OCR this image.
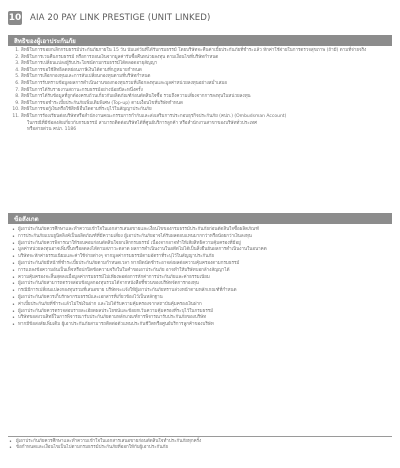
10 AIA 20 PAY LINK PRESTIGE (UNIT LINKED)
สิทธิของผู้เอาประกันภัย
1. สิทธิในการขอยกเลิกกรมธรรม์ประกันภัยภายใน 15 วัน นับแต่วันที่ได้รับกรมธรรม์ โดยบริษัทจะคืนค่าเบี้ยประกันภัยที่ชำระแล้ว หักค่าใช้จ่ายในการตรวจสุขภาพ (ถ้ามี) ตามที่จ่ายจริง
2. สิทธิในการเวนคืนกรมธรรม์ หรือการถอนเงินจากมูลค่ารับซื้อคืนหน่วยลงทุน ตามเงื่อนไขที่บริษัทกำหนด
3. สิทธิในการเปลี่ยนแปลงผู้รับประโยชน์ตามกรมธรรม์ได้ตลอดอายุสัญญา
4. สิทธิในการขอใช้สิทธิลดหย่อนภาษีเงินได้ตามที่กฎหมายกำหนด
5. สิทธิในการเลือกกองทุนและการสับเปลี่ยนกองทุนตามที่บริษัทกำหนด
6. สิทธิในการรับทราบข้อมูลผลการดำเนินงานของกองทุนรวมที่เลือกลงทุนและมูลค่าหน่วยลงทุนอย่างสม่ำเสมอ
7. สิทธิในการได้รับรายงานสถานะกรมธรรม์อย่างน้อยปีละหนึ่งครั้ง
8. สิทธิในการได้รับข้อมูลที่ถูกต้องครบถ้วนเกี่ยวกับผลิตภัณฑ์ก่อนตัดสินใจซื้อ รวมถึงความเสี่ยงจากการลงทุนในหน่วยลงทุน
9. สิทธิในการขอชำระเบี้ยประกันภัยเพิ่มเติมพิเศษ (Top-up) ตามเงื่อนไขที่บริษัทกำหนด
10. สิทธิในการขอกู้เงินหรือใช้สิทธิอื่นใดตามที่ระบุไว้ในสัญญาประกันภัย
11. สิทธิในการร้องเรียนต่อบริษัทหรือสำนักงานคณะกรรมการกำกับและส่งเสริมการประกอบธุรกิจประกันภัย (คปภ.) (Ombudsman Account)
ในกรณีที่มีข้อสงสัยเกี่ยวกับกรมธรรม์ สามารถติดต่อบริษัทได้ที่ศูนย์บริการลูกค้า หรือสำนักงานสาขาของบริษัททั่วประเทศ
หรือสายด่วน คปภ. 1186
ข้อสังเกต
• ผู้เอาประกันภัยควรศึกษาและทำความเข้าใจในเอกสารเสนอขายและเงื่อนไขของกรมธรรม์ประกันภัยก่อนตัดสินใจซื้อผลิตภัณฑ์
• การประกันภัยแบบยูนิตลิงค์เป็นผลิตภัณฑ์ที่มีความเสี่ยง ผู้เอาประกันภัยอาจได้รับผลตอบแทนมากกว่าหรือน้อยกว่าเงินลงทุน
• ผู้เอาประกันภัยควรพิจารณาให้รอบคอบก่อนตัดสินใจยกเลิกกรมธรรม์ เนื่องจากอาจทำให้เสียสิทธิความคุ้มครองที่มีอยู่
• มูลค่าหน่วยลงทุนอาจเพิ่มขึ้นหรือลดลงได้ตามสภาวะตลาด ผลการดำเนินงานในอดีตไม่ได้เป็นสิ่งยืนยันผลการดำเนินงานในอนาคต
• บริษัทจะหักค่าธรรมเนียมและค่าใช้จ่ายต่างๆ จากมูลค่ากรมธรรม์ตามอัตราที่ระบุไว้ในสัญญาประกันภัย
• ผู้เอาประกันภัยมีหน้าที่ชำระเบี้ยประกันภัยตามกำหนดเวลา หากผิดนัดชำระอาจส่งผลต่อความคุ้มครองตามกรมธรรม์
• การแถลงข้อความอันเป็นเท็จหรือปกปิดข้อความจริงในใบคำขอเอาประกันภัย อาจทำให้บริษัทบอกล้างสัญญาได้
• ความคุ้มครองจะสิ้นสุดลงเมื่อมูลค่ากรมธรรม์ไม่เพียงพอต่อการหักค่าการประกันภัยและค่าธรรมเนียม
• ผู้เอาประกันภัยสามารถตรวจสอบข้อมูลกองทุนรวมได้จากหนังสือชี้ชวนของบริษัทจัดการกองทุน
• กรณีมีการเปลี่ยนแปลงกองทุนรวมที่เสนอขาย บริษัทจะแจ้งให้ผู้เอาประกันภัยทราบล่วงหน้าตามหลักเกณฑ์ที่กำหนด
• ผู้เอาประกันภัยควรเก็บรักษากรมธรรม์และเอกสารที่เกี่ยวข้องไว้เป็นหลักฐาน
• ค่าเบี้ยประกันภัยที่ชำระแล้วไม่ใช่เงินฝาก และไม่ได้รับความคุ้มครองจากสถาบันคุ้มครองเงินฝาก
• ผู้เอาประกันภัยควรตรวจสอบรายละเอียดผลประโยชน์และข้อยกเว้นความคุ้มครองที่ระบุไว้ในกรมธรรม์
• บริษัทขอสงวนสิทธิ์ในการพิจารณารับประกันภัยตามหลักเกณฑ์การพิจารณารับประกันภัยของบริษัท
• หากมีข้อสงสัยเพิ่มเติม ผู้เอาประกันภัยสามารถติดต่อตัวแทนประกันชีวิตหรือศูนย์บริการลูกค้าของบริษัท
• ผู้เอาประกันภัยควรศึกษาและทำความเข้าใจในเอกสารเสนอขายก่อนตัดสินใจทำประกันภัยทุกครั้ง
• ข้อกำหนดและเงื่อนไขเป็นไปตามกรมธรรม์ประกันภัยที่ออกให้กับผู้เอาประกันภัย
